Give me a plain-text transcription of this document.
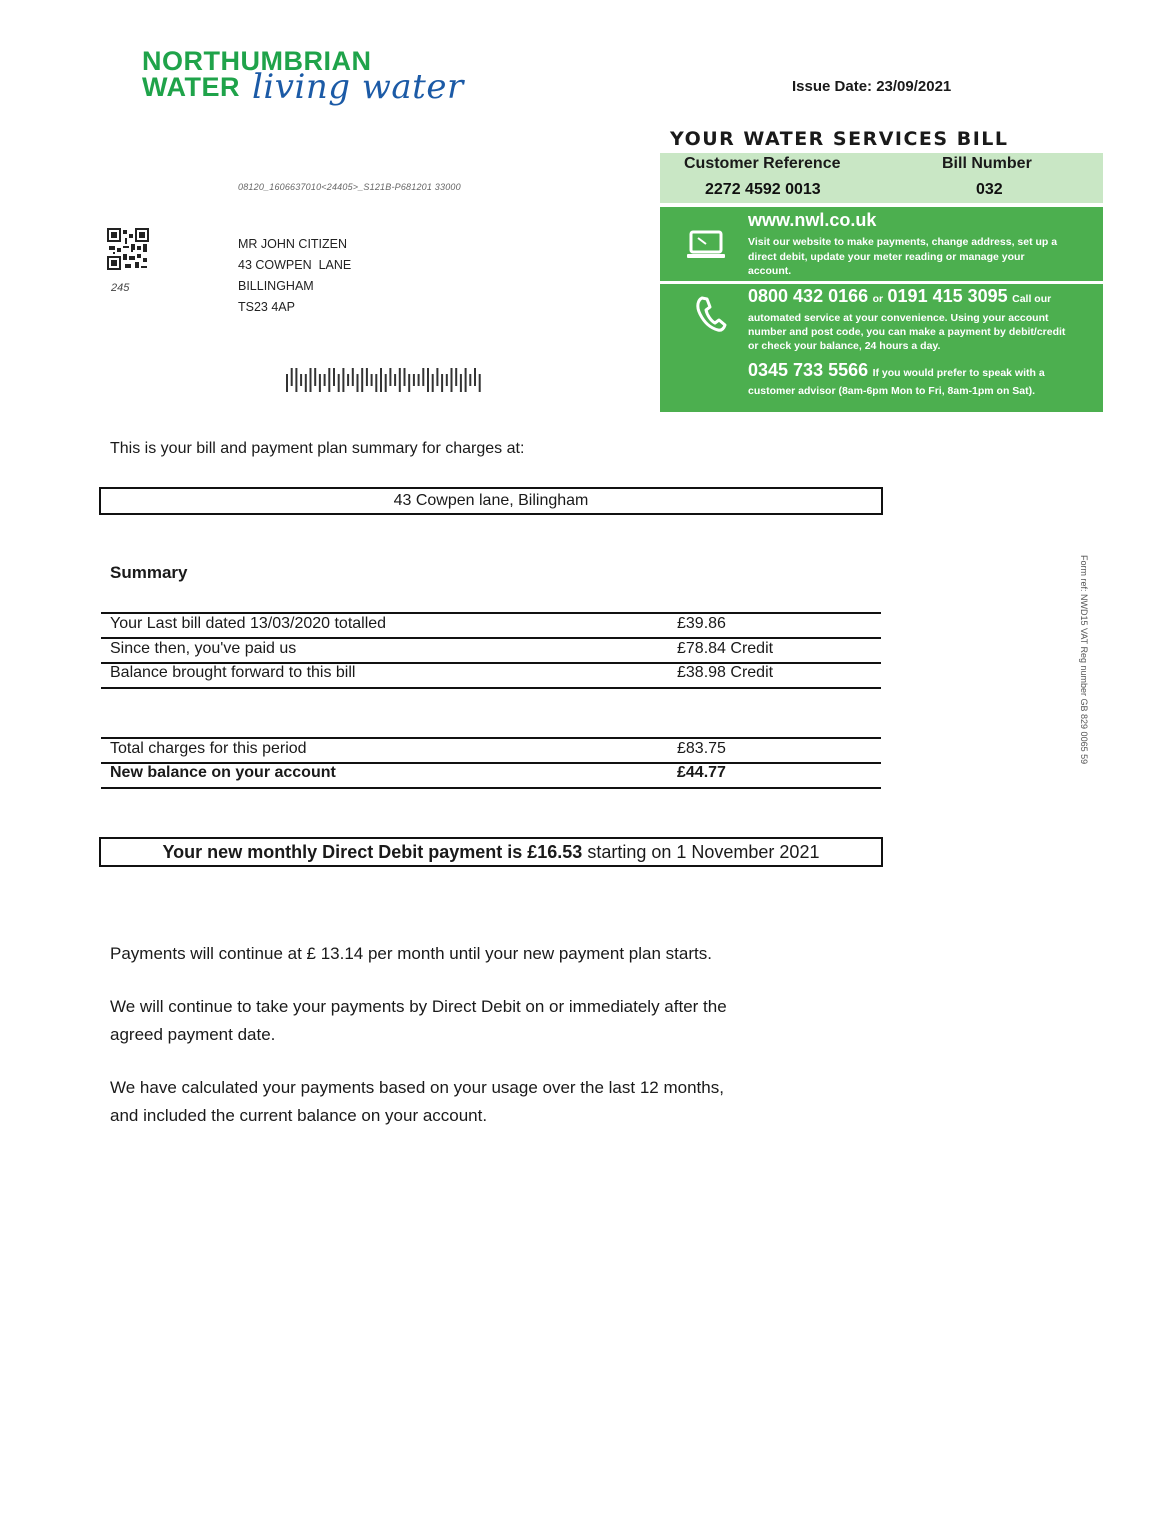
NORTHUMBRIAN
WATER living water	Issue Date: 23/09/2021
YOUR WATER SERVICES BILL
Customer Reference	Bill Number
2272 4592 0013	032
www.nwl.co.uk
Visit our website to make payments, change address, set up a
direct debit, update your meter reading or manage your
account.
0800 432 0166 or 0191 415 3095 Call our
automated service at your convenience. Using your account
number and post code, you can make a payment by debit/credit
or check your balance, 24 hours a day.
0345 733 5566 If you would prefer to speak with a
customer advisor (8am-6pm Mon to Fri, 8am-1pm on Sat).
08120_1606637010<24405>_S121B-P681201 33000
245
MR JOHN CITIZEN
43 COWPEN  LANE
BILLINGHAM
TS23 4AP
This is your bill and payment plan summary for charges at:
43 Cowpen lane, Bilingham
Summary
Your Last bill dated 13/03/2020 totalled	£39.86
Since then, you've paid us	£78.84 Credit
Balance brought forward to this bill	£38.98 Credit
Total charges for this period	£83.75
New balance on your account	£44.77
Your new monthly Direct Debit payment is £16.53 starting on 1 November 2021
Payments will continue at £ 13.14 per month until your new payment plan starts.
We will continue to take your payments by Direct Debit on or immediately after the
agreed payment date.
We have calculated your payments based on your usage over the last 12 months,
and included the current balance on your account.
Form ref: NWD15 VAT Reg number GB 829 0065 59
